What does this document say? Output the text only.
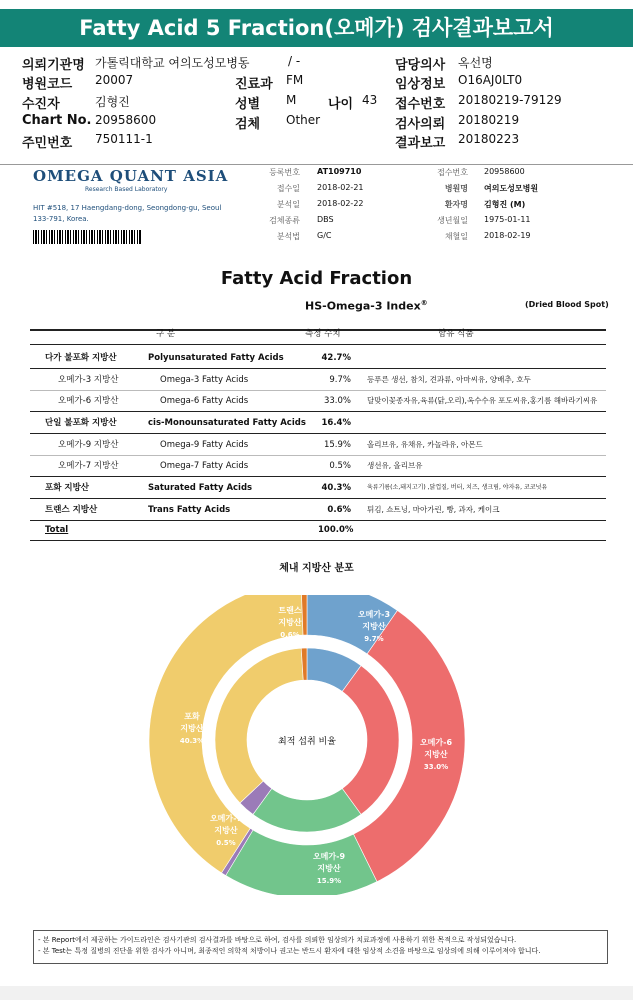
Fatty Acid 5 Fraction(오메가) 검사결과보고서
의뢰기관명 가톨릭대학교 여의도성모병동	/ -	담당의사 옥선명
병원코드 20007	진료과 FM	임상정보 O16AJ0LT0
수진자	김형진	성별 M 나이 43 접수번호 20180219-79129
Chart No. 20958600	검체 Other	검사의뢰 20180219
주민번호 750111-1	결과보고 20180223
OMEGA QUANT ASIA
Research Based Laboratory
HIT #518, 17 Haengdang-dong, Seongdong-gu, Seoul 133-791, Korea.
등록번호 AT109710
접수일 2018-02-21
분석일 2018-02-22
검체종류 DBS
분석법 G/C
접수번호 20958600
병원명 여의도성모병원
환자명 김형진 (M)
생년월일 1975-01-11
채혈일 2018-02-19
Fatty Acid Fraction
HS-Omega-3 Index®	(Dried Blood Spot)
구 분	측정 수치	함유 식품
다가 불포화 지방산	Polyunsaturated Fatty Acids	42.7%
오메가-3 지방산	Omega-3 Fatty Acids	9.7% 등푸른 생선, 참치, 견과류, 아마씨유, 양배추, 호두
오메가-6 지방산	Omega-6 Fatty Acids	33.0% 달맞이꽃종자유,육류(닭,오리),옥수수유 포도씨유,홍기름 해바라기씨유
단일 불포화 지방산	cis-Monounsaturated Fatty Acids 16.4%
오메가-9 지방산	Omega-9 Fatty Acids	15.9% 올리브유, 유채유, 카놀라유, 아몬드
오메가-7 지방산	Omega-7 Fatty Acids	0.5% 생선유, 올리브유
포화 지방산	Saturated Fatty Acids	40.3%	육류기름(소,돼지고기) ,닭껍질, 버터, 치즈, 생크림, 야자유, 코코넛유
트랜스 지방산	Trans Fatty Acids	0.6% 튀김, 쇼트닝, 마아가린, 빵, 과자, 케이크
Total	100.0%
체내 지방산 분포
최적 섭취 비율
오메가-3
지방산
9.7%
오메가-6
지방산
33.0%
오메가-9
지방산
15.9%
오메가-7
지방산
0.5%
포화
지방산
40.3%
트랜스
지방산
0.6%
- 본 Report에서 제공하는 가이드라인은 검사기관의 검사결과를 바탕으로 하여, 검사를 의뢰한 임상의가 치료과정에 사용하기 위한 목적으로 작성되었습니다.
- 본 Test는 특정 질병의 진단을 위한 검사가 아니며, 최종적인 의학적 처방이나 권고는 반드시 환자에 대한 임상적 소견을 바탕으로 임상의에 의해 이루어져야 합니다.
